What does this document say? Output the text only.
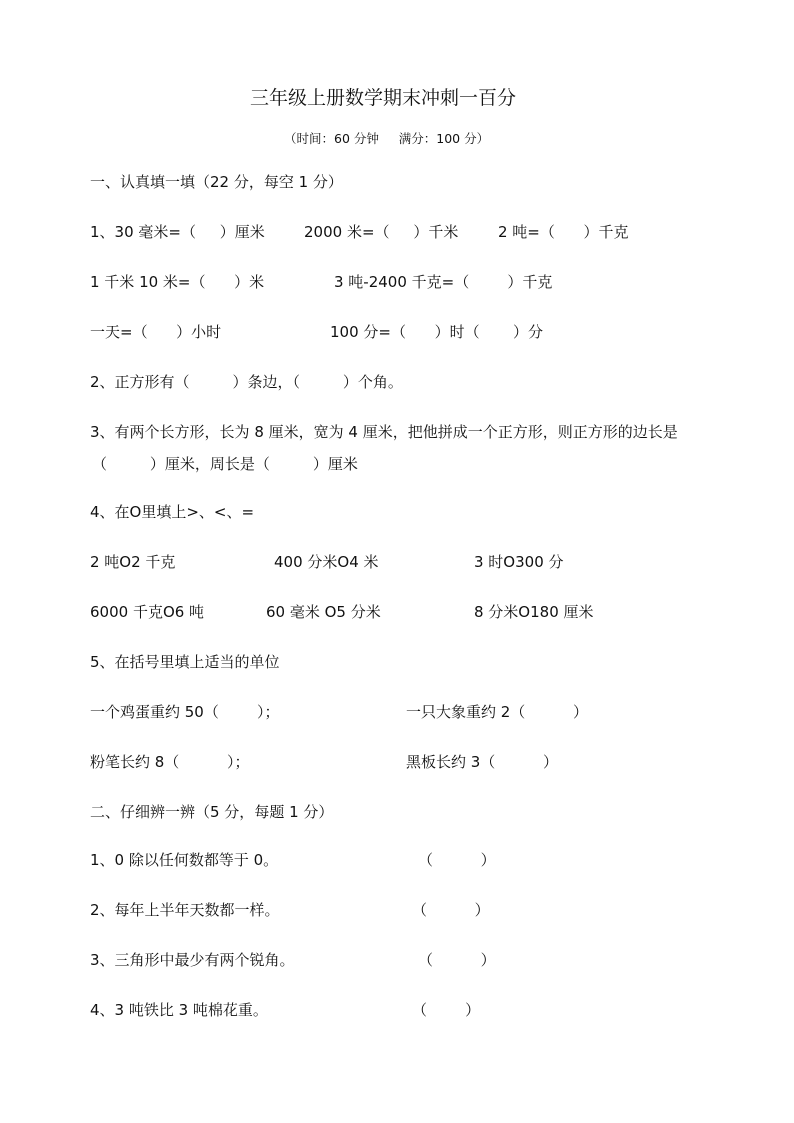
三年级上册数学期末冲刺一百分
（时间：60 分钟     满分：100 分）
一、认真填一填（22 分，每空 1 分）
1、30 毫米=（     ）厘米	2000 米=（     ）千米	2 吨=（      ）千克
1 千米 10 米=（      ）米	3 吨-2400 千克=（        ）千克
一天=（      ）小时	100 分=（      ）时（       ）分
2、正方形有（         ）条边，（         ）个角。
3、有两个长方形，长为 8 厘米，宽为 4 厘米，把他拼成一个正方形，则正方形的边长是
（         ）厘米，周长是（         ）厘米
4、在O里填上>、<、=
2 吨O2 千克	400 分米O4 米	3 时O300 分
6000 千克O6 吨	60 毫米 O5 分米	8 分米O180 厘米
5、在括号里填上适当的单位
一个鸡蛋重约 50（        ）；	一只大象重约 2（          ）
粉笔长约 8（          ）；	黑板长约 3（          ）
二、仔细辨一辨（5 分，每题 1 分）
1、0 除以任何数都等于 0。	（          ）
2、每年上半年天数都一样。	（          ）
3、三角形中最少有两个锐角。	（          ）
4、3 吨铁比 3 吨棉花重。	（        ）
